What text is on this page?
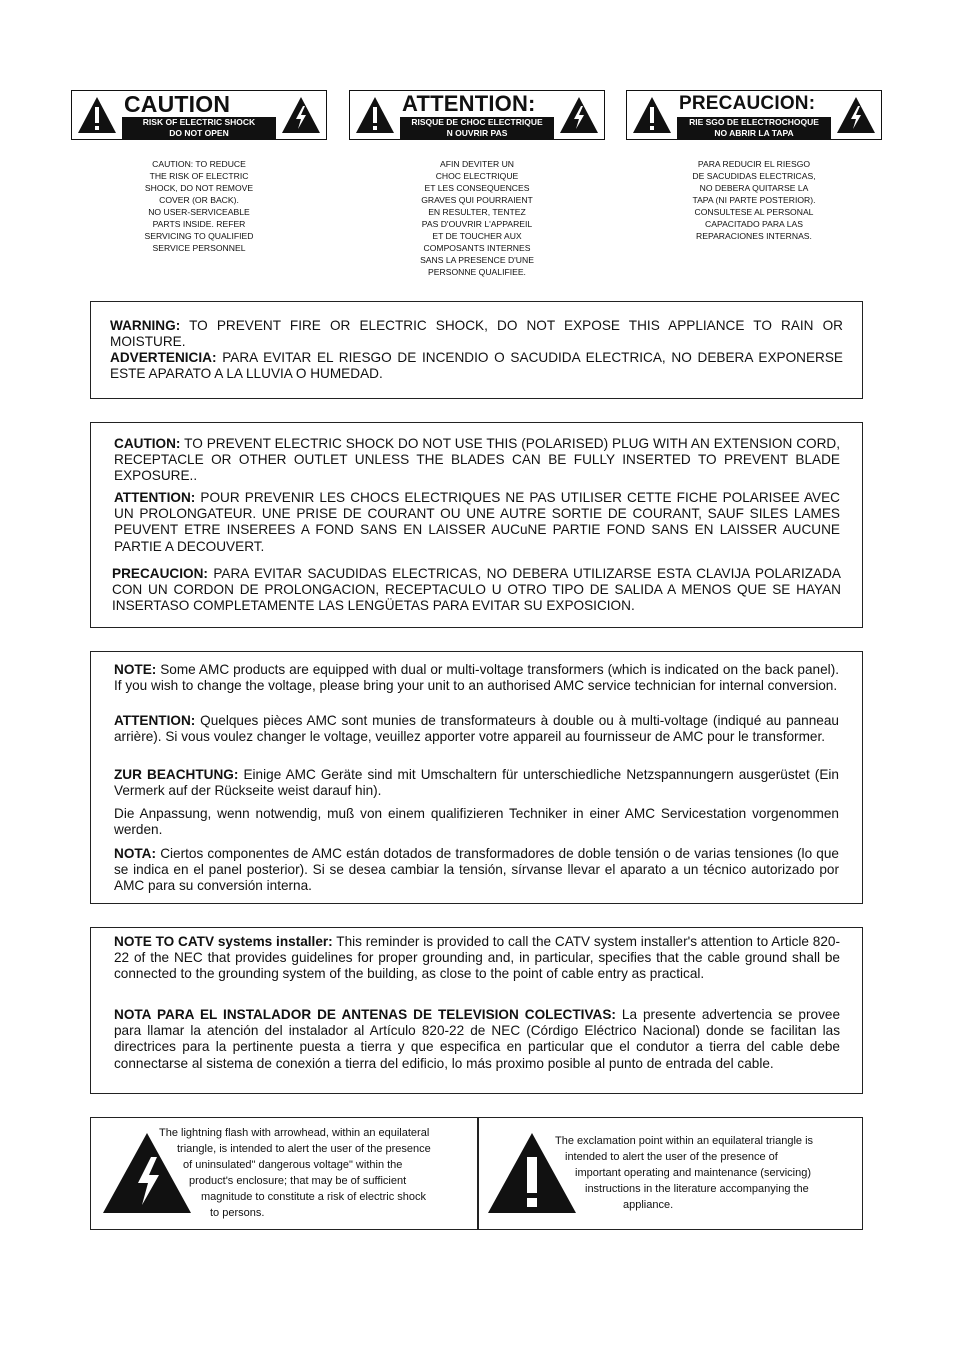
CAUTION
RISK OF ELECTRIC SHOCK
DO NOT OPEN
ATTENTION:
RISQUE DE CHOC ELECTRIQUE
N OUVRIR PAS
PRECAUCION:
RIE SGO DE ELECTROCHOQUE
NO ABRIR LA TAPA
CAUTION: TO REDUCE
THE RISK OF ELECTRIC
SHOCK, DO NOT REMOVE
COVER (OR BACK).
NO USER-SERVICEABLE
PARTS INSIDE. REFER
SERVICING TO QUALIFIED
SERVICE PERSONNEL
AFIN DEVITER UN
CHOC ELECTRIQUE
ET LES CONSEQUENCES
GRAVES QUI POURRAIENT
EN RESULTER, TENTEZ
PAS D'OUVRIR L'APPAREIL
ET DE TOUCHER AUX
COMPOSANTS INTERNES
SANS LA PRESENCE D'UNE
PERSONNE QUALIFIEE.
PARA REDUCIR EL RIESGO
DE SACUDIDAS ELECTRICAS,
NO DEBERA QUITARSE LA
TAPA (NI PARTE POSTERIOR).
CONSULTESE AL PERSONAL
CAPACITADO PARA LAS
REPARACIONES INTERNAS.
WARNING: TO PREVENT FIRE OR ELECTRIC SHOCK, DO NOT EXPOSE THIS APPLIANCE TO RAIN OR MOISTURE.
ADVERTENICIA: PARA EVITAR EL RIESGO DE INCENDIO O SACUDIDA ELECTRICA, NO DEBERA EXPONERSE ESTE APARATO A LA LLUVIA O HUMEDAD.
CAUTION: TO PREVENT ELECTRIC SHOCK DO NOT USE THIS (POLARISED) PLUG WITH AN EXTENSION CORD, RECEPTACLE OR OTHER OUTLET UNLESS THE BLADES CAN BE FULLY INSERTED TO PREVENT BLADE EXPOSURE..
ATTENTION: POUR PREVENIR LES CHOCS ELECTRIQUES NE PAS UTILISER CETTE FICHE POLARISEE AVEC UN PROLONGATEUR. UNE PRISE DE COURANT OU UNE AUTRE SORTIE DE COURANT, SAUF SILES LAMES PEUVENT ETRE INSEREES A FOND SANS EN LAISSER AUCuNE PARTIE FOND SANS EN LAISSER AUCUNE PARTIE A DECOUVERT.
PRECAUCION: PARA EVITAR SACUDIDAS ELECTRICAS, NO DEBERA UTILIZARSE ESTA CLAVIJA POLARIZADA CON UN CORDON DE PROLONGACION, RECEPTACULO U OTRO TIPO DE SALIDA A MENOS QUE SE HAYAN INSERTASO COMPLETAMENTE LAS LENGÜETAS PARA EVITAR SU EXPOSICION.
NOTE: Some AMC products are equipped with dual or multi-voltage transformers (which is indicated on the back panel). If you wish to change the voltage, please bring your unit to an authorised AMC service technician for internal conversion.
ATTENTION: Quelques pièces AMC sont munies de transformateurs à double ou à multi-voltage (indiqué au panneau arrière). Si vous voulez changer le voltage, veuillez apporter votre appareil au fournisseur de AMC pour le transformer.
ZUR BEACHTUNG: Einige AMC Geräte sind mit Umschaltern für unterschiedliche Netzspannungern ausgerüstet (Ein Vermerk auf der Rückseite weist darauf hin).
Die Anpassung, wenn notwendig, muß von einem qualifizieren Techniker in einer AMC Servicestation vorgenommen werden.
NOTA: Ciertos componentes de AMC están dotados de transformadores de doble tensión o de varias tensiones (lo que se indica en el panel posterior). Si se desea cambiar la tensión, sírvanse llevar el aparato a un técnico autorizado por AMC para su conversión interna.
NOTE TO CATV systems installer: This reminder is provided to call the CATV system installer's attention to Article 820-22 of the NEC that provides guidelines for proper grounding and, in particular, specifies that the cable ground shall be connected to the grounding system of the building, as close to the point of cable entry as practical.
NOTA PARA EL INSTALADOR DE ANTENAS DE TELEVISION COLECTIVAS: La presente advertencia se provee para llamar la atención del instalador al Artículo 820-22 de NEC (Córdigo Eléctrico Nacional) donde se facilitan las directrices para la pertinente puesta a tierra y que especifica en particular que el condutor a tierra del cable debe connectarse al sistema de conexión a tierra del edificio, lo más proximo posible al punto de entrada del cable.
The lightning flash with arrowhead, within an equilateral
triangle, is intended to alert the user of the presence
of uninsulated" dangerous voltage" within the
product's enclosure; that may be of sufficient
magnitude to constitute a risk of electric shock
to persons.
The exclamation point within an equilateral triangle is
intended to alert the user of the presence of
important operating and maintenance (servicing)
instructions in the literature accompanying the
appliance.
